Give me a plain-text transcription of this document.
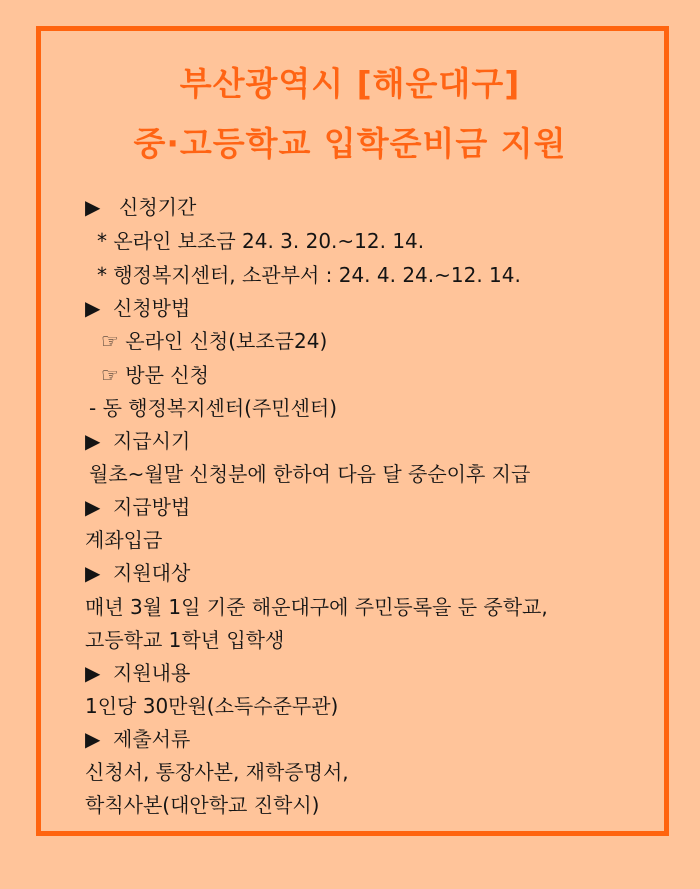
부산광역시 [해운대구]
중·고등학교 입학준비금 지원
▶ 신청기간
* 온라인 보조금 24. 3. 20.~12. 14.
* 행정복지센터, 소관부서 : 24. 4. 24.~12. 14.
▶ 신청방법
☞ 온라인 신청(보조금24)
☞ 방문 신청
- 동 행정복지센터(주민센터)
▶ 지급시기
월초~월말 신청분에 한하여 다음 달 중순이후 지급
▶ 지급방법
계좌입금
▶ 지원대상
매년 3월 1일 기준 해운대구에 주민등록을 둔 중학교,
고등학교 1학년 입학생
▶ 지원내용
1인당 30만원(소득수준무관)
▶ 제출서류
신청서, 통장사본, 재학증명서,
학칙사본(대안학교 진학시)
